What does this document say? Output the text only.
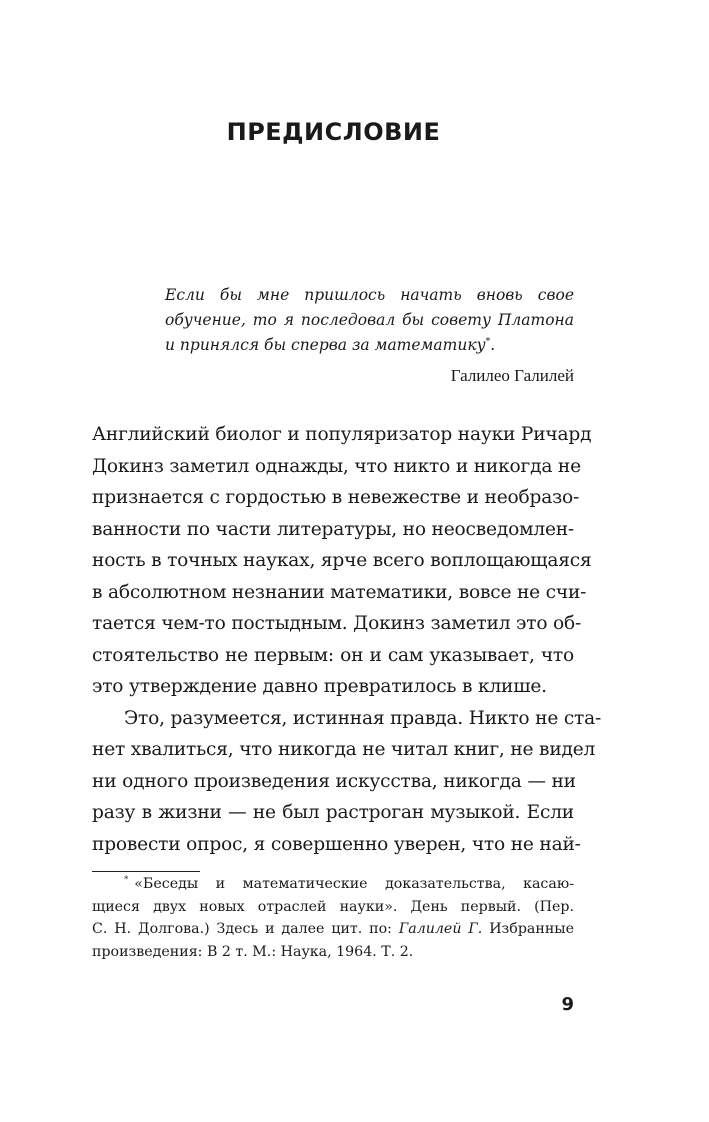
ПРЕДИСЛОВИЕ
Если бы мне пришлось начать вновь свое
обучение, то я последовал бы совету Платона
и принялся бы сперва за математику*.
Галилео Галилей
Английский биолог и популяризатор науки Ричард
Докинз заметил однажды, что никто и никогда не
признается с гордостью в невежестве и необразо-
ванности по части литературы, но неосведомлен-
ность в точных науках, ярче всего воплощающаяся
в абсолютном незнании математики, вовсе не счи-
тается чем-то постыдным. Докинз заметил это об-
стоятельство не первым: он и сам указывает, что
это утверждение давно превратилось в клише.
Это, разумеется, истинная правда. Никто не ста-
нет хвалиться, что никогда не читал книг, не видел
ни одного произведения искусства, никогда — ни
разу в жизни — не был растроган музыкой. Если
провести опрос, я совершенно уверен, что не най-
* «Беседы и математические доказательства, касаю-
щиеся двух новых отраслей науки». День первый. (Пер.
С. Н. Долгова.) Здесь и далее цит. по: Галилей Г. Избранные
произведения: В 2 т. М.: Наука, 1964. Т. 2.
9
